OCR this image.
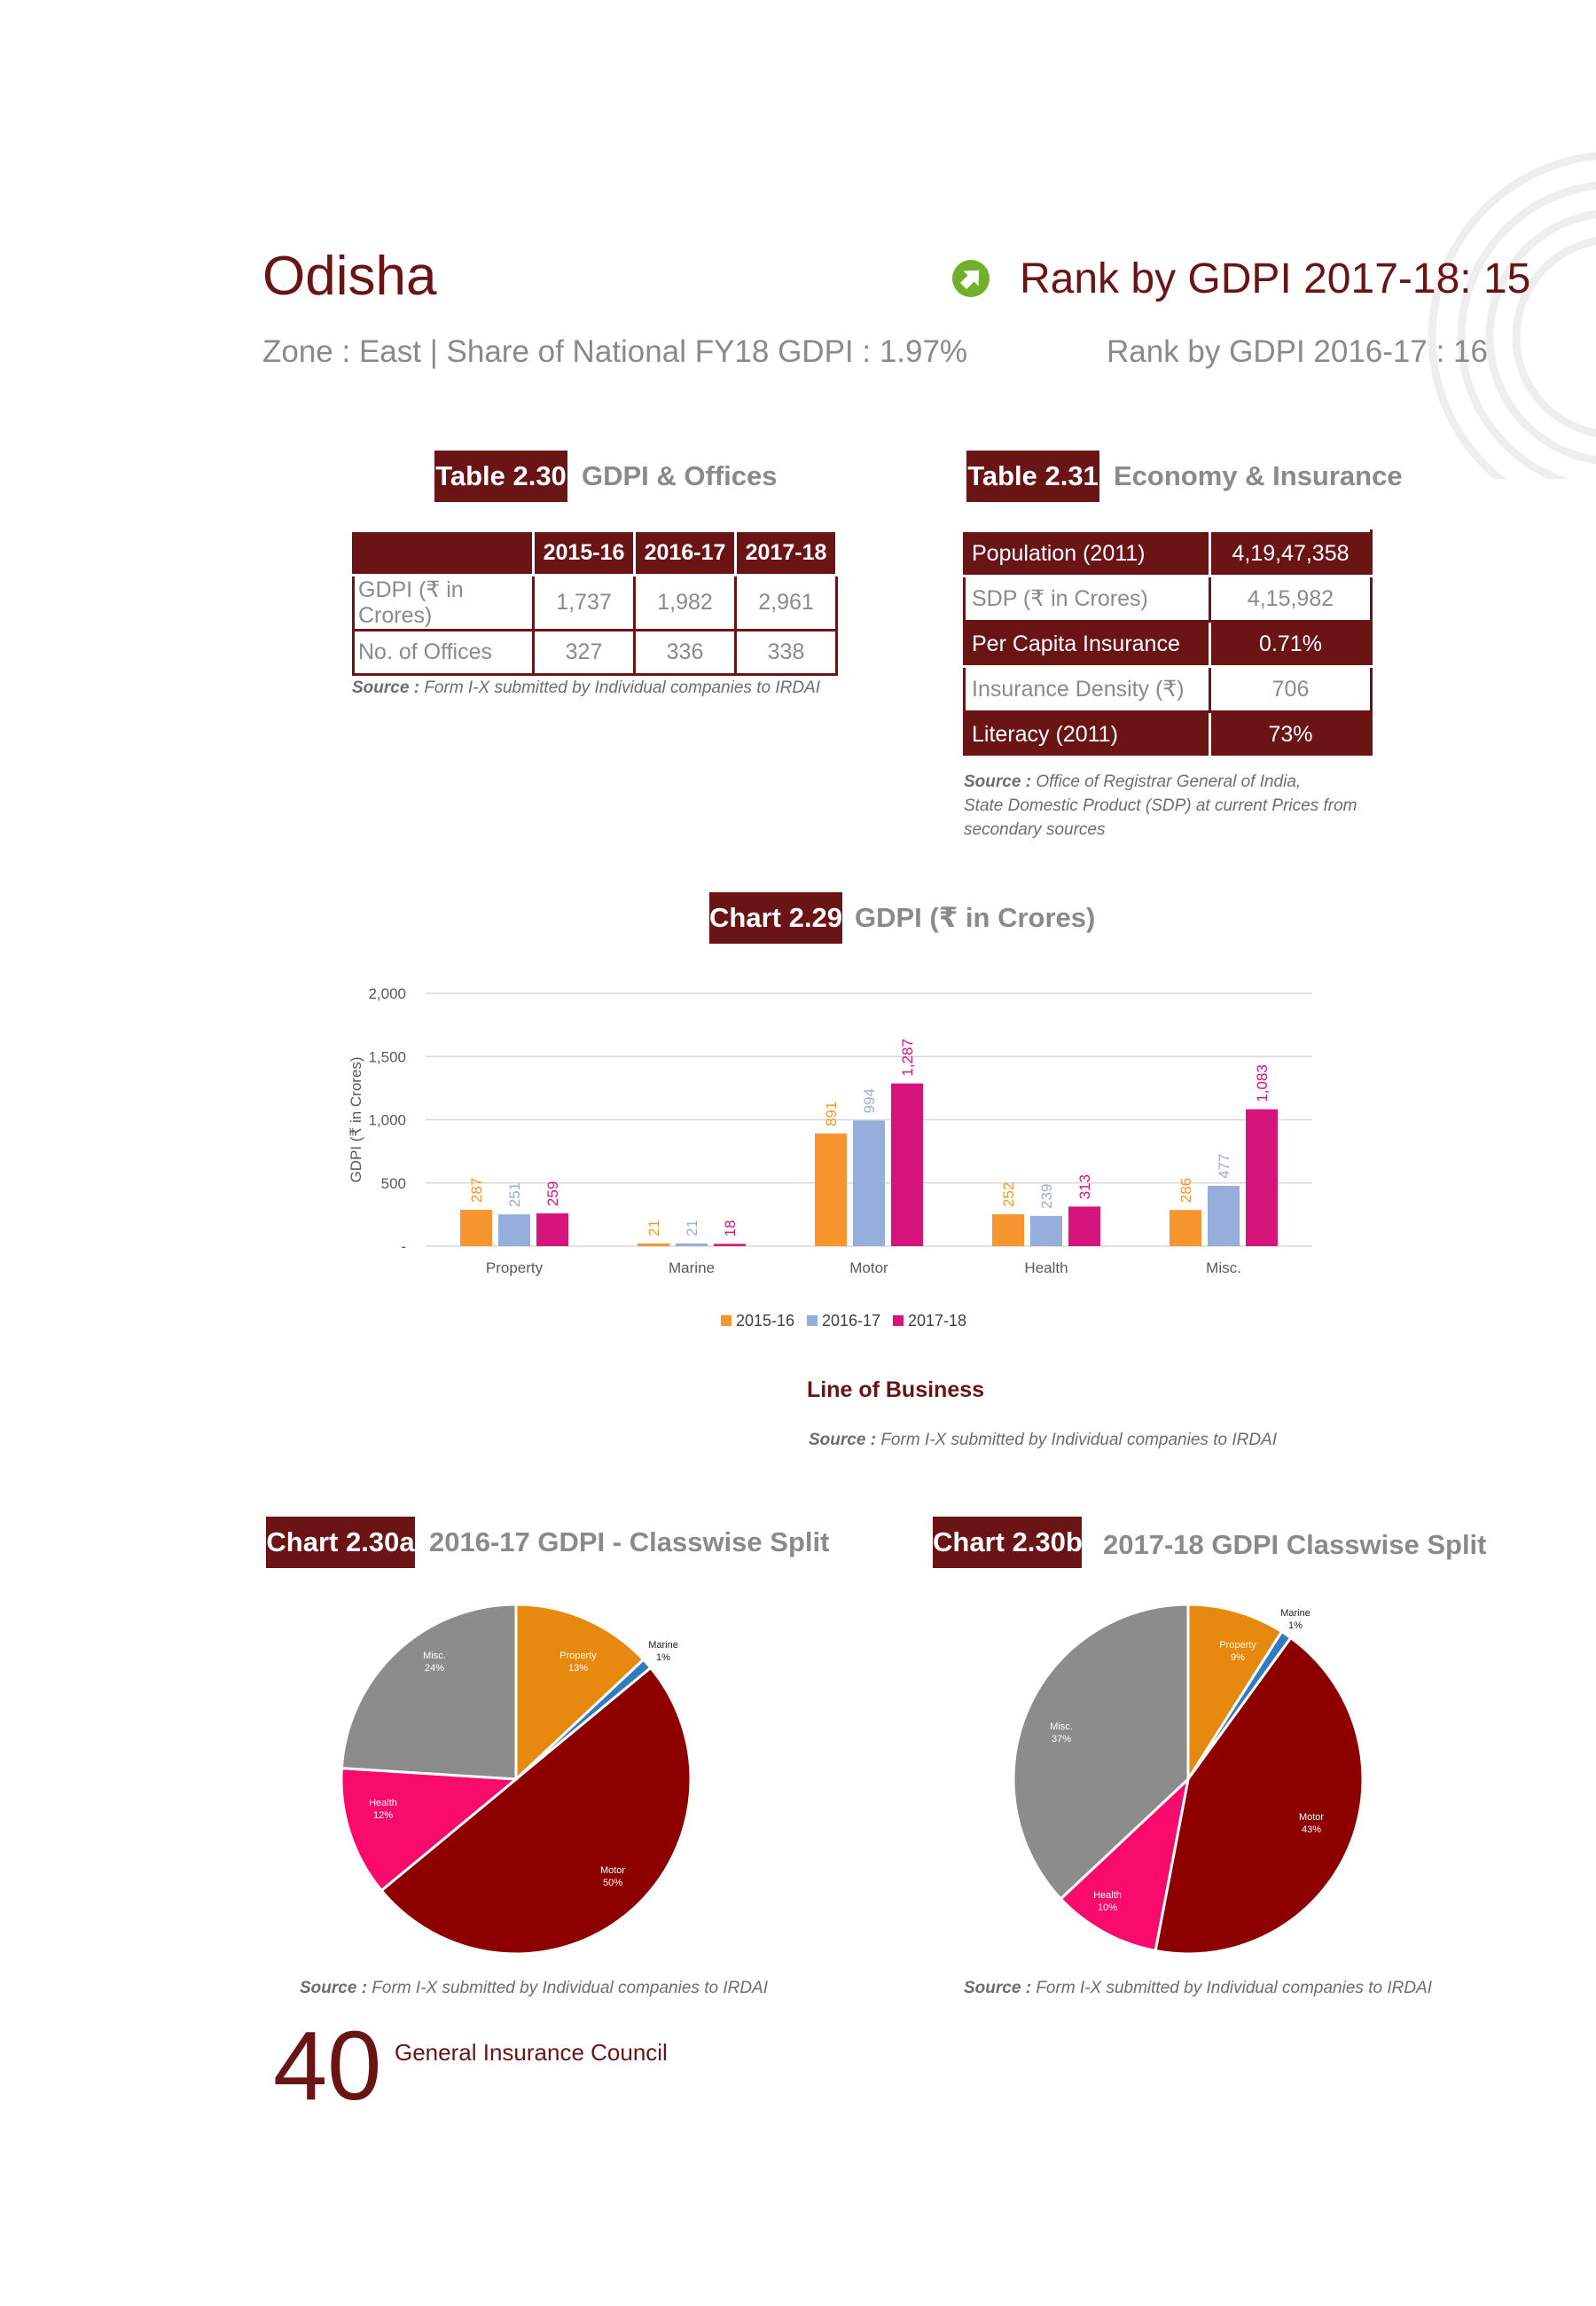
Odisha
Zone : East | Share of National FY18 GDPI : 1.97%
Rank by GDPI 2017-18: 15
Rank by GDPI 2016-17 : 16
Table 2.30 GDPI & Offices
	2015-16	2016-17	2017-18
GDPI (₹ in Crores)	1,737	1,982	2,961
No. of Offices	327	336	338
Source : Form I-X submitted by Individual companies to IRDAI
Table 2.31 Economy & Insurance
Population (2011)	4,19,47,358
SDP (₹ in Crores)	4,15,982
Per Capita Insurance	0.71%
Insurance Density (₹)	706
Literacy (2011)	73%
Source : Office of Registrar General of India,
State Domestic Product (SDP) at current Prices from
secondary sources
Chart 2.29 GDPI (₹ in Crores)
-
500
1,000
1,500
2,000
GDPI (₹ in Crores)
287 251 259
Property
21 21 18
Marine
891
994
1,287
Motor
252 239 313
Health
286
477
1,083
Misc.
2015-16 2016-17 2017-18
Line of Business
Source : Form I-X submitted by Individual companies to IRDAI
Chart 2.30a 2016-17 GDPI - Classwise Split
Property
13%
Marine
1%
Motor
50%
Health
12%
Misc.
24%
Source : Form I-X submitted by Individual companies to IRDAI
Chart 2.30b 2017-18 GDPI Classwise Split
Property
9%
Marine
1%
Motor
43%
Health
10%
Misc.
37%
Source : Form I-X submitted by Individual companies to IRDAI
40 General Insurance Council
